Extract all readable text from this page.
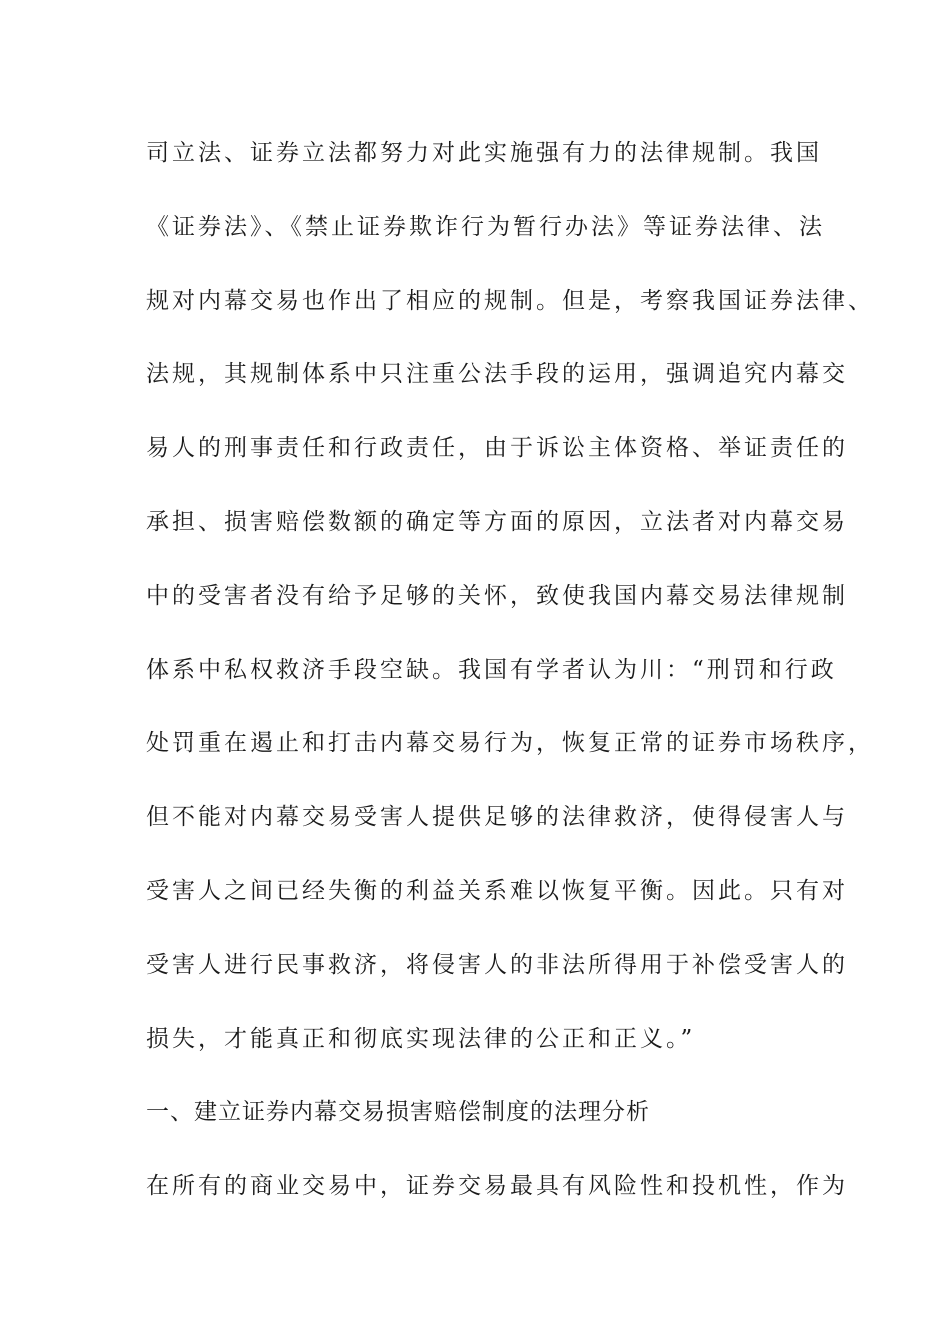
司立法、证券立法都努力对此实施强有力的法律规制。我国
《证券法》、《禁止证券欺诈行为暂行办法》等证券法律、法
规对内幕交易也作出了相应的规制。但是，考察我国证券法律、
法规，其规制体系中只注重公法手段的运用，强调追究内幕交
易人的刑事责任和行政责任，由于诉讼主体资格、举证责任的
承担、损害赔偿数额的确定等方面的原因，立法者对内幕交易
中的受害者没有给予足够的关怀，致使我国内幕交易法律规制
体系中私权救济手段空缺。我国有学者认为川：“刑罚和行政
处罚重在遏止和打击内幕交易行为，恢复正常的证券市场秩序，
但不能对内幕交易受害人提供足够的法律救济，使得侵害人与
受害人之间已经失衡的利益关系难以恢复平衡。因此。只有对
受害人进行民事救济，将侵害人的非法所得用于补偿受害人的
损失，才能真正和彻底实现法律的公正和正义。”
一、建立证券内幕交易损害赔偿制度的法理分析
在所有的商业交易中，证券交易最具有风险性和投机性，作为
